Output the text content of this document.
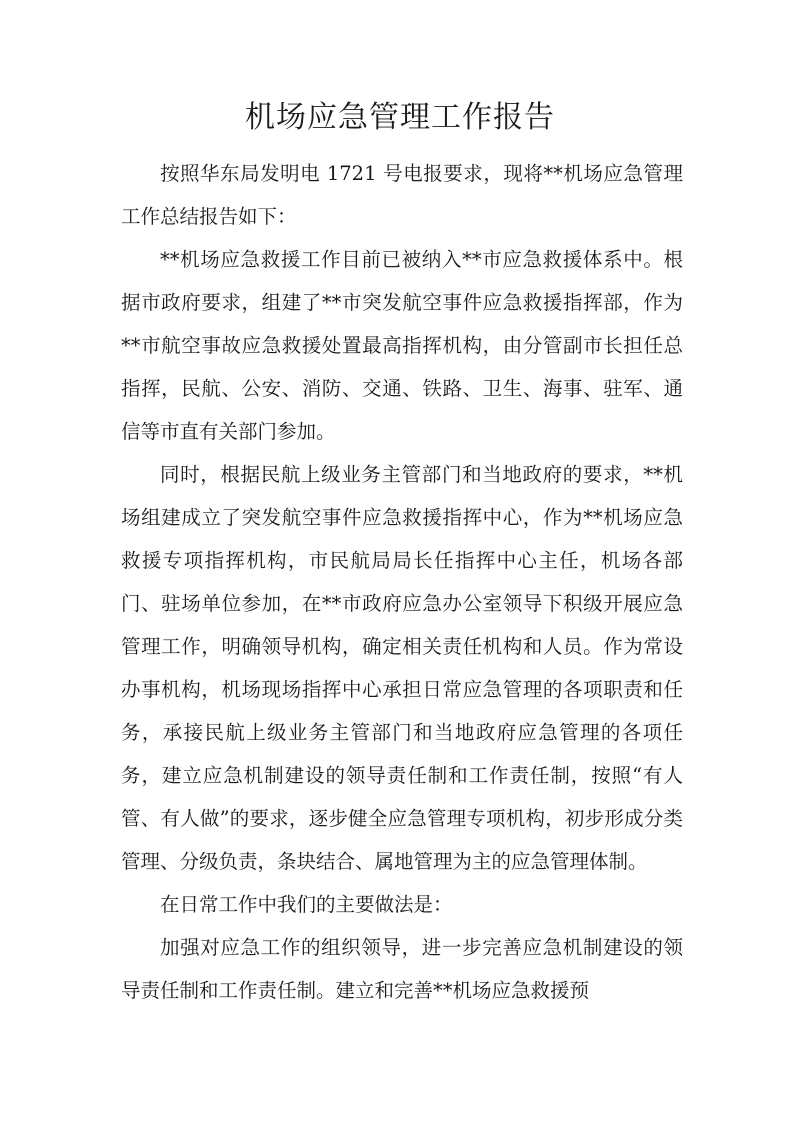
机场应急管理工作报告

按照华东局发明电 1721 号电报要求，现将**机场应急管理工作总结报告如下：

**机场应急救援工作目前已被纳入**市应急救援体系中。根据市政府要求，组建了**市突发航空事件应急救援指挥部，作为**市航空事故应急救援处置最高指挥机构，由分管副市长担任总指挥，民航、公安、消防、交通、铁路、卫生、海事、驻军、通信等市直有关部门参加。

同时，根据民航上级业务主管部门和当地政府的要求，**机场组建成立了突发航空事件应急救援指挥中心，作为**机场应急救援专项指挥机构，市民航局局长任指挥中心主任，机场各部门、驻场单位参加，在**市政府应急办公室领导下积级开展应急管理工作，明确领导机构，确定相关责任机构和人员。作为常设办事机构，机场现场指挥中心承担日常应急管理的各项职责和任务，承接民航上级业务主管部门和当地政府应急管理的各项任务，建立应急机制建设的领导责任制和工作责任制，按照“有人管、有人做”的要求，逐步健全应急管理专项机构，初步形成分类管理、分级负责，条块结合、属地管理为主的应急管理体制。

在日常工作中我们的主要做法是：

加强对应急工作的组织领导，进一步完善应急机制建设的领导责任制和工作责任制。建立和完善**机场应急救援预
